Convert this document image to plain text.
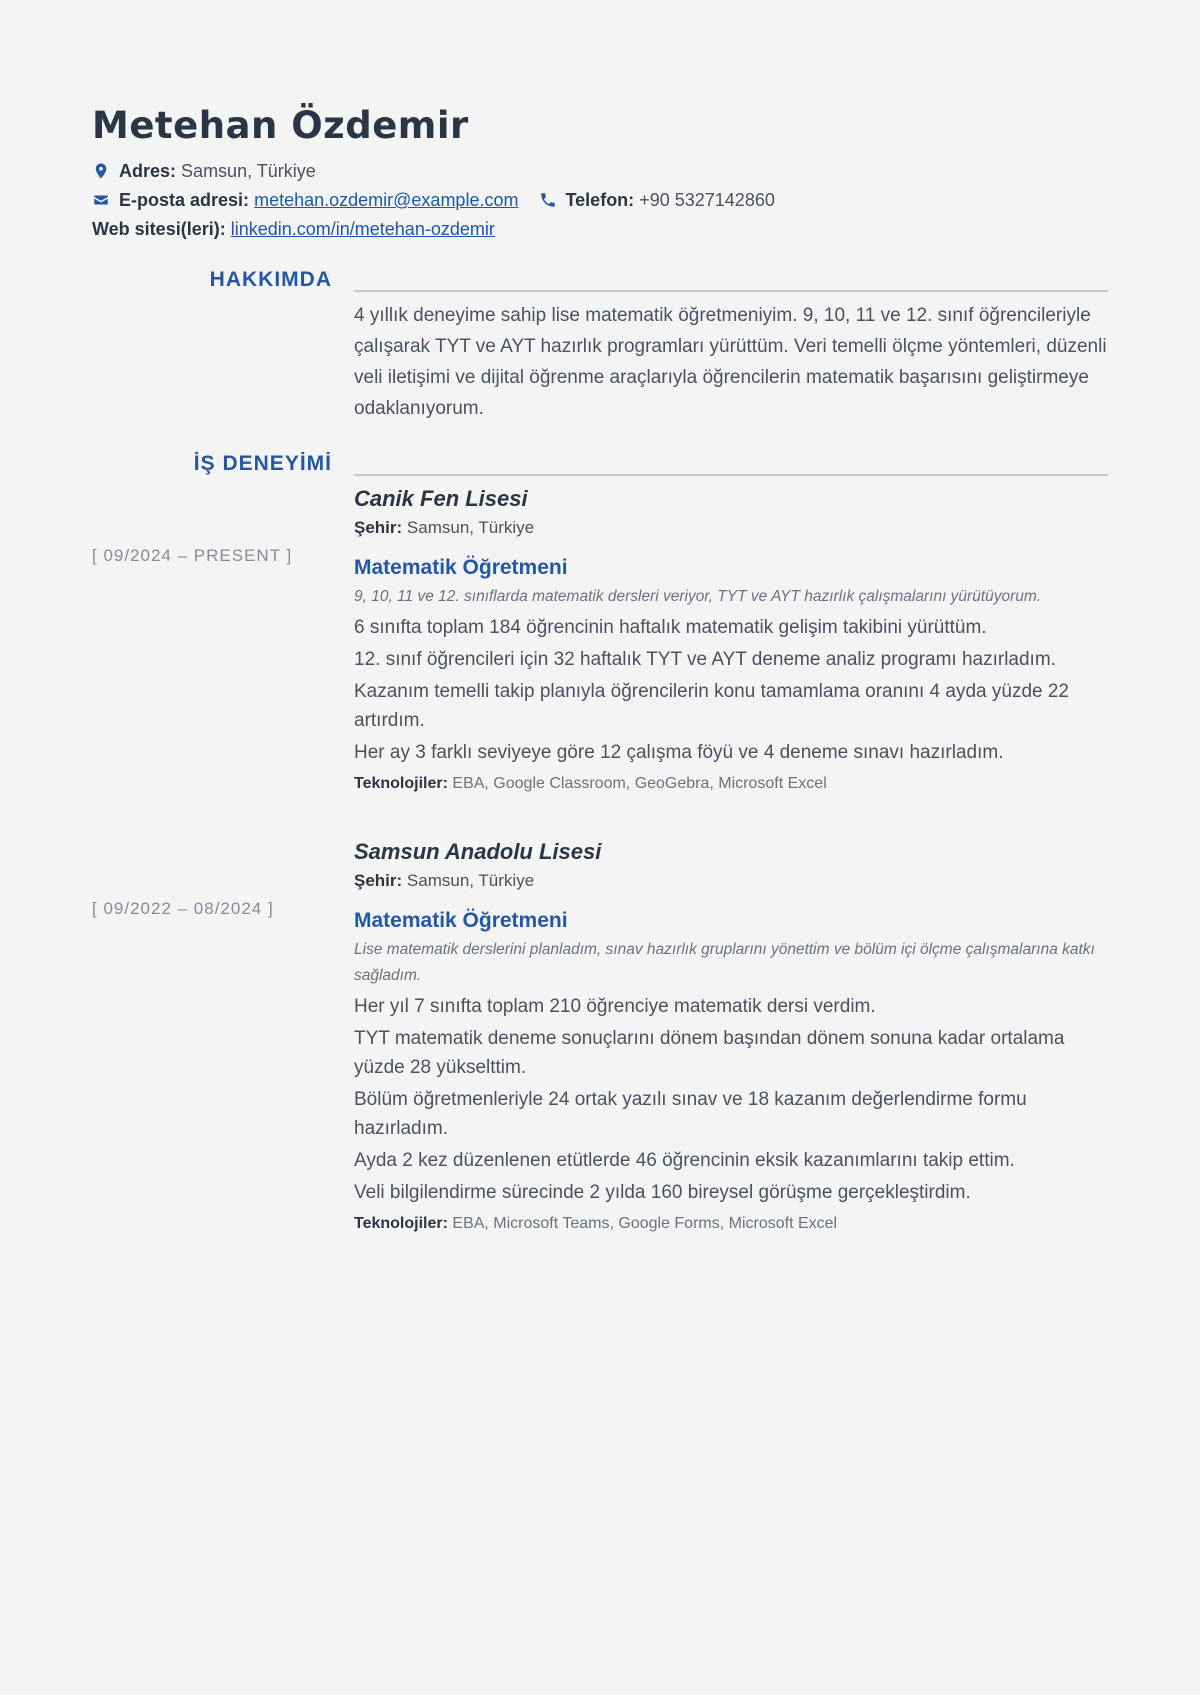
Metehan Özdemir
Adres: Samsun, Türkiye
E-posta adresi: metehan.ozdemir@example.com	Telefon: +90 5327142860
Web sitesi(leri): linkedin.com/in/metehan-ozdemir
HAKKIMDA

4 yıllık deneyime sahip lise matematik öğretmeniyim. 9, 10, 11 ve 12. sınıf öğrencileriyle çalışarak TYT ve AYT hazırlık programları yürüttüm. Veri temelli ölçme yöntemleri, düzenli veli iletişimi ve dijital öğrenme araçlarıyla öğrencilerin matematik başarısını geliştirmeye odaklanıyorum.

İŞ DENEYİMİ
[ 09/2024 – PRESENT ]
Canik Fen Lisesi
Şehir: Samsun, Türkiye
Matematik Öğretmeni
9, 10, 11 ve 12. sınıflarda matematik dersleri veriyor, TYT ve AYT hazırlık çalışmalarını yürütüyorum.
6 sınıfta toplam 184 öğrencinin haftalık matematik gelişim takibini yürüttüm.
12. sınıf öğrencileri için 32 haftalık TYT ve AYT deneme analiz programı hazırladım.
Kazanım temelli takip planıyla öğrencilerin konu tamamlama oranını 4 ayda yüzde 22 artırdım.
Her ay 3 farklı seviyeye göre 12 çalışma föyü ve 4 deneme sınavı hazırladım.
Teknolojiler: EBA, Google Classroom, GeoGebra, Microsoft Excel
[ 09/2022 – 08/2024 ]
Samsun Anadolu Lisesi
Şehir: Samsun, Türkiye
Matematik Öğretmeni
Lise matematik derslerini planladım, sınav hazırlık gruplarını yönettim ve bölüm içi ölçme çalışmalarına katkı sağladım.
Her yıl 7 sınıfta toplam 210 öğrenciye matematik dersi verdim.
TYT matematik deneme sonuçlarını dönem başından dönem sonuna kadar ortalama yüzde 28 yükselttim.
Bölüm öğretmenleriyle 24 ortak yazılı sınav ve 18 kazanım değerlendirme formu hazırladım.
Ayda 2 kez düzenlenen etütlerde 46 öğrencinin eksik kazanımlarını takip ettim.
Veli bilgilendirme sürecinde 2 yılda 160 bireysel görüşme gerçekleştirdim.
Teknolojiler: EBA, Microsoft Teams, Google Forms, Microsoft Excel
